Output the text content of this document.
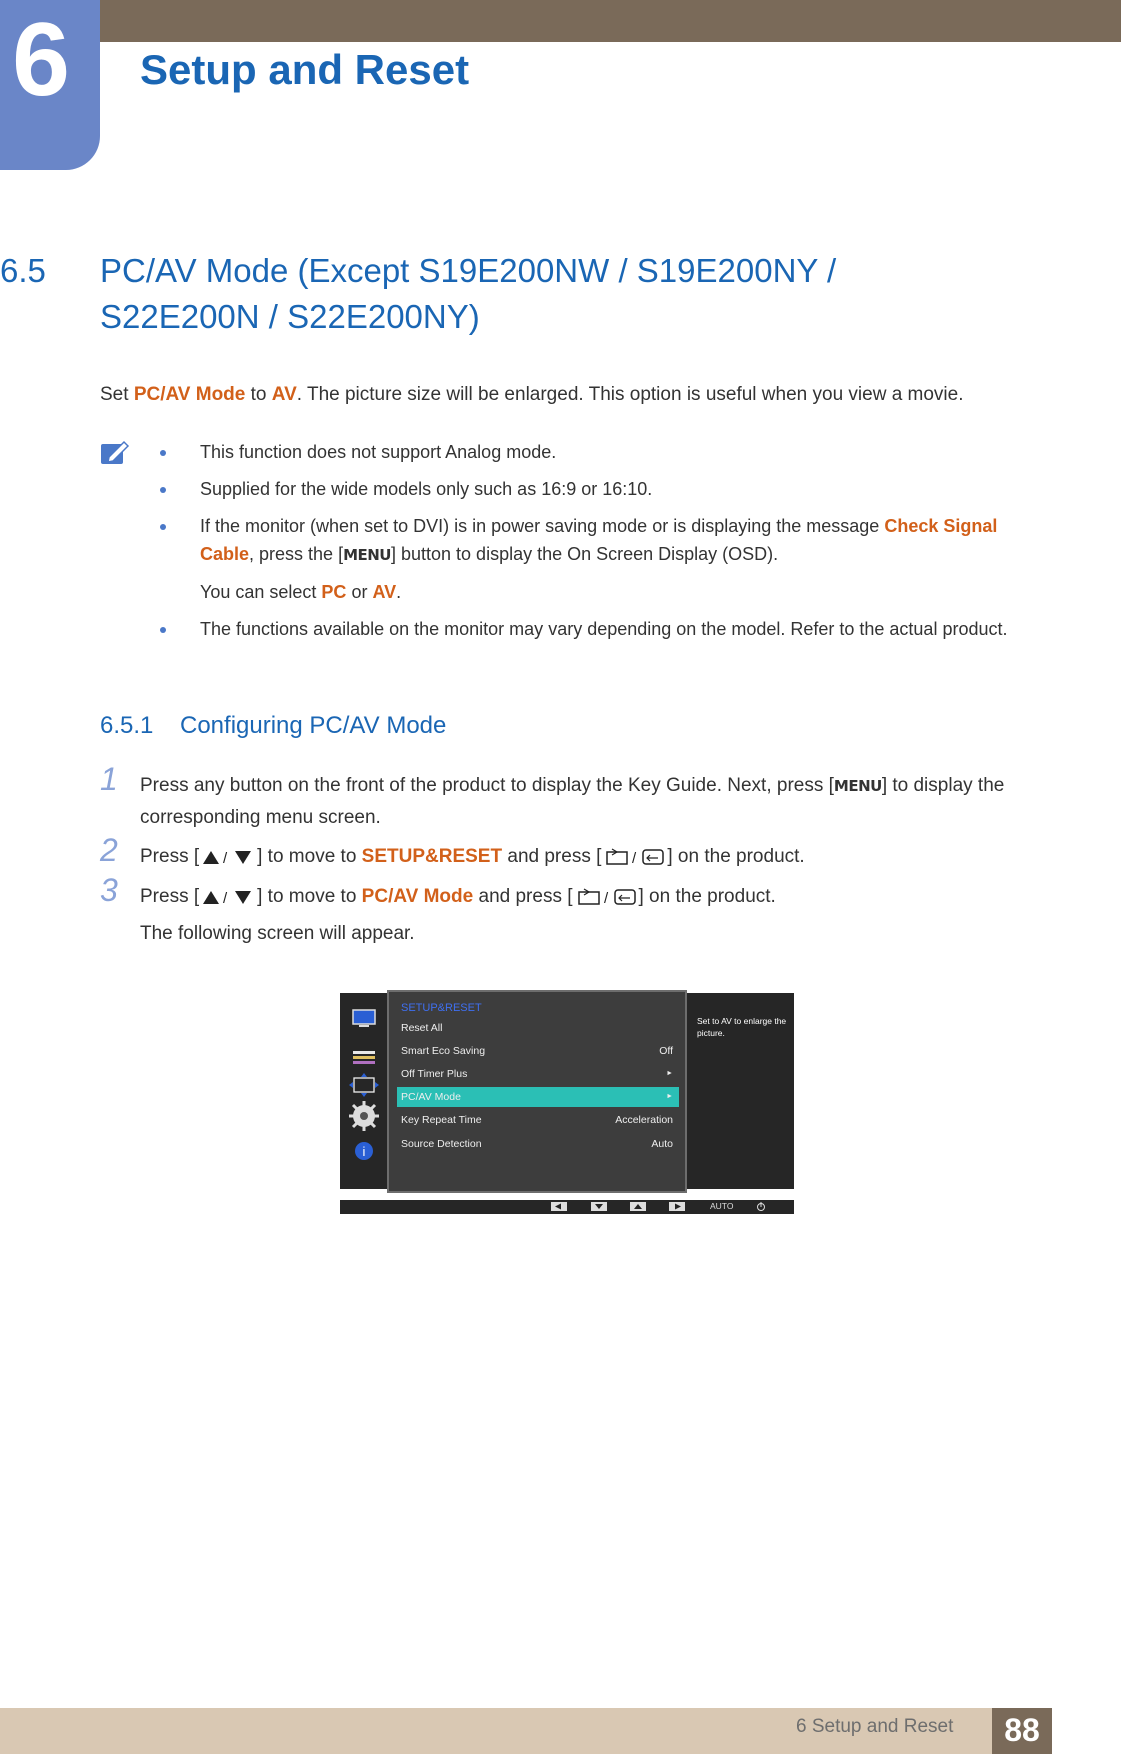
6 Setup and Reset
6.5 PC/AV Mode (Except S19E200NW / S19E200NY / S22E200N / S22E200NY)
Set PC/AV Mode to AV. The picture size will be enlarged. This option is useful when you view a movie.
This function does not support Analog mode.
Supplied for the wide models only such as 16:9 or 16:10.
If the monitor (when set to DVI) is in power saving mode or is displaying the message Check Signal Cable, press the [MENU] button to display the On Screen Display (OSD).
You can select PC or AV.
The functions available on the monitor may vary depending on the model. Refer to the actual product.
6.5.1 Configuring PC/AV Mode
1 Press any button on the front of the product to display the Key Guide. Next, press [MENU] to display the corresponding menu screen.
2 Press [ / ] to move to SETUP&RESET and press [ / ] on the product.
3 Press [ / ] to move to PC/AV Mode and press [ / ] on the product.
The following screen will appear.
i
SETUP&RESET
Reset All
Smart Eco Saving	Off
Off Timer Plus	►
PC/AV Mode	►
Key Repeat Time	Acceleration
Source Detection	Auto
Set to AV to enlarge the picture.
AUTO
6 Setup and Reset	88
